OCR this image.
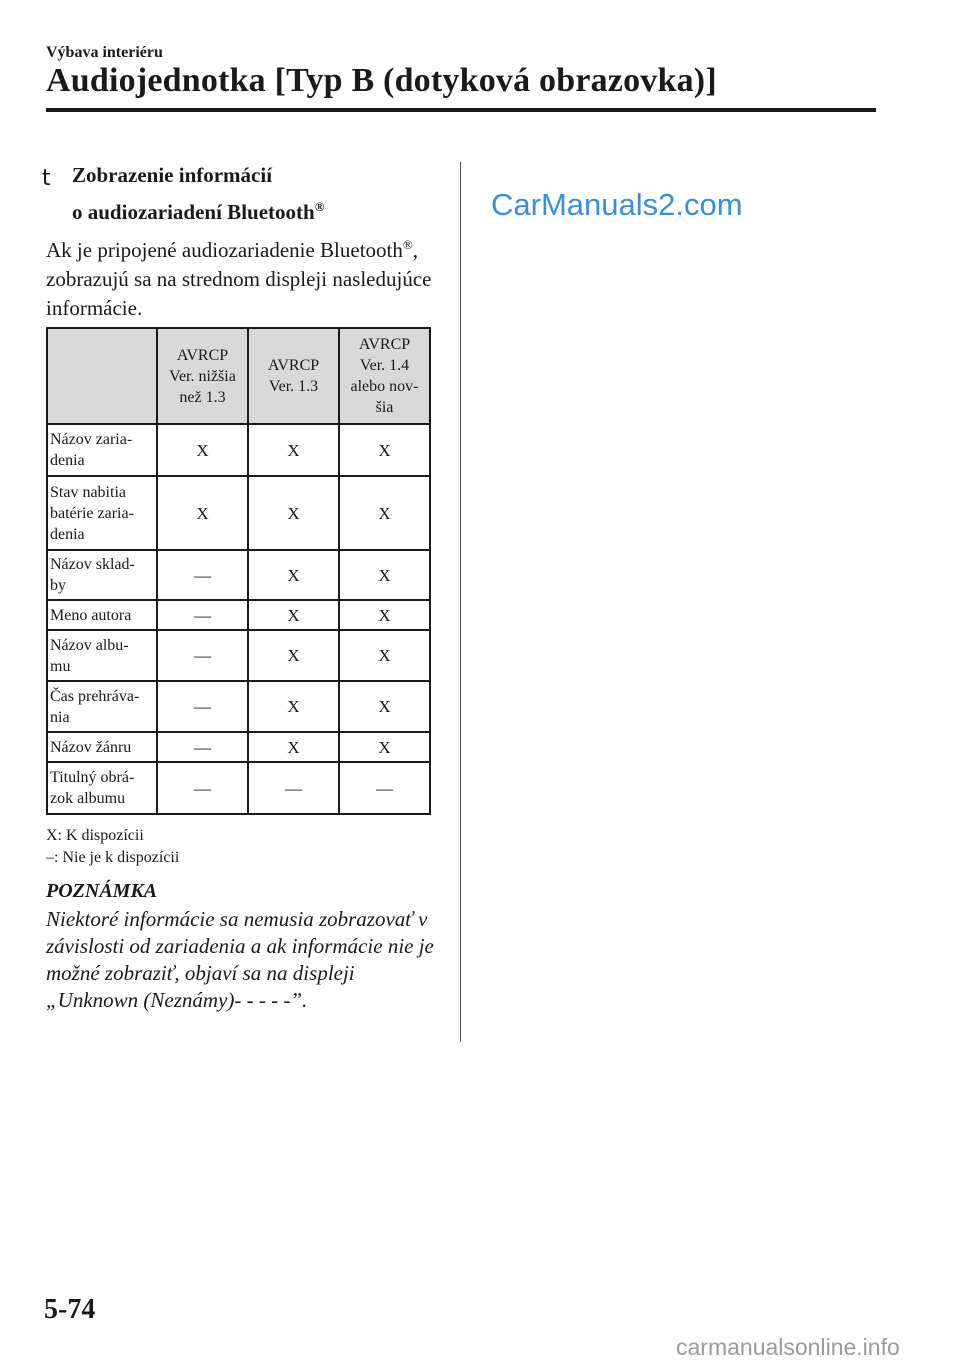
Výbava interiéru
Audiojednotka [Typ B (dotyková obrazovka)]
t Zobrazenie informácií
o audiozariadení Bluetooth®
Ak je pripojené audiozariadenie Bluetooth®, zobrazujú sa na strednom displeji nasledujúce informácie.
	AVRCP
Ver. nižšia
než 1.3	AVRCP
Ver. 1.3	AVRCP
Ver. 1.4
alebo nov-
šia
Názov zaria-
denia	X	X	X
Stav nabitia
batérie zaria-
denia	X	X	X
Názov sklad-
by	—	X	X
Meno autora	—	X	X
Názov albu-
mu	—	X	X
Čas prehráva-
nia	—	X	X
Názov žánru	—	X	X
Titulný obrá-
zok albumu	—	—	—
X: K dispozícii
–: Nie je k dispozícii
POZNÁMKA
Niektoré informácie sa nemusia zobrazovať v závislosti od zariadenia a ak informácie nie je možné zobraziť, objaví sa na displeji „Unknown (Neznámy)- - - - -”.
CarManuals2.com
5-74
carmanualsonline.info
